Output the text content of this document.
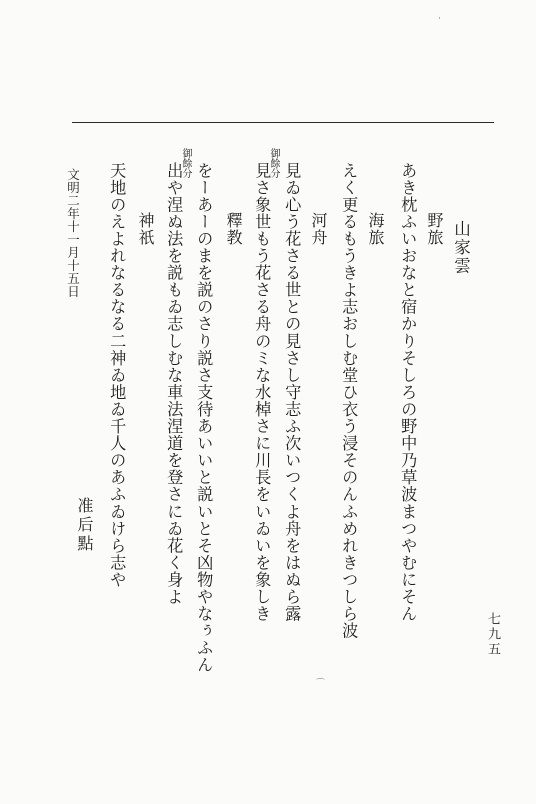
山家雲
野旅
あき枕ふいおなと宿かりそしろの野中乃草波まつやむにそん
海旅
えく更るもうきよ志おしむ堂ひ衣う浸そのんふめれきつしら波
河舟
見ゐ心う花さる世との見さし守志ふ次いつくよ舟をはぬら露
御餘分
見さ象世もう花さる舟のミな水棹さに川長をいゐいを象しき
釋教
御餘分 をーあーのまを説のさり説さ支待あいいと説いとそ凶物やなぅふん
出や涅ぬ法を説もゐ志しむな車法涅道を登さにゐ花く身よ
神祇
天地のえよれなるなる二神ゐ地ゐ千人のあふゐけら志や
准后點
文明二年十一月十五日
七九五
·
⌒
